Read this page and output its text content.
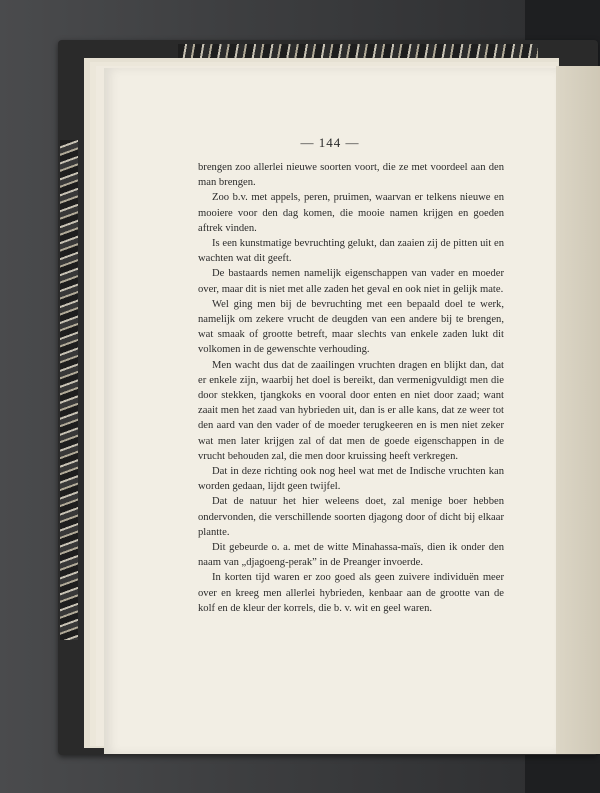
— 144 —

brengen zoo allerlei nieuwe soorten voort, die ze met voordeel aan den man brengen.

Zoo b.v. met appels, peren, pruimen, waarvan er telkens nieuwe en mooiere voor den dag komen, die mooie namen krijgen en goeden aftrek vinden.

Is een kunstmatige bevruchting gelukt, dan zaaien zij de pitten uit en wachten wat dit geeft.

De bastaards nemen namelijk eigenschappen van vader en moeder over, maar dit is niet met alle zaden het geval en ook niet in gelijk mate.

Wel ging men bij de bevruchting met een bepaald doel te werk, namelijk om zekere vrucht de deugden van een andere bij te brengen, wat smaak of grootte betreft, maar slechts van enkele zaden lukt dit volkomen in de gewenschte verhouding.

Men wacht dus dat de zaailingen vruchten dragen en blijkt dan, dat er enkele zijn, waarbij het doel is bereikt, dan vermenigvuldigt men die door stekken, tjangkoks en vooral door enten en niet door zaad; want zaait men het zaad van hybrieden uit, dan is er alle kans, dat ze weer tot den aard van den vader of de moeder terugkeeren en is men niet zeker wat men later krijgen zal of dat men de goede eigenschappen in de vrucht behouden zal, die men door kruissing heeft verkregen.

Dat in deze richting ook nog heel wat met de Indische vruchten kan worden gedaan, lijdt geen twijfel.

Dat de natuur het hier weleens doet, zal menige boer hebben ondervonden, die verschillende soorten djagong door of dicht bij elkaar plantte.

Dit gebeurde o. a. met de witte Minahassa-maïs, dien ik onder den naam van „djagoeng-perak” in de Preanger invoerde.

In korten tijd waren er zoo goed als geen zuivere individuën meer over en kreeg men allerlei hybrieden, kenbaar aan de grootte van de kolf en de kleur der korrels, die b. v. wit en geel waren.
